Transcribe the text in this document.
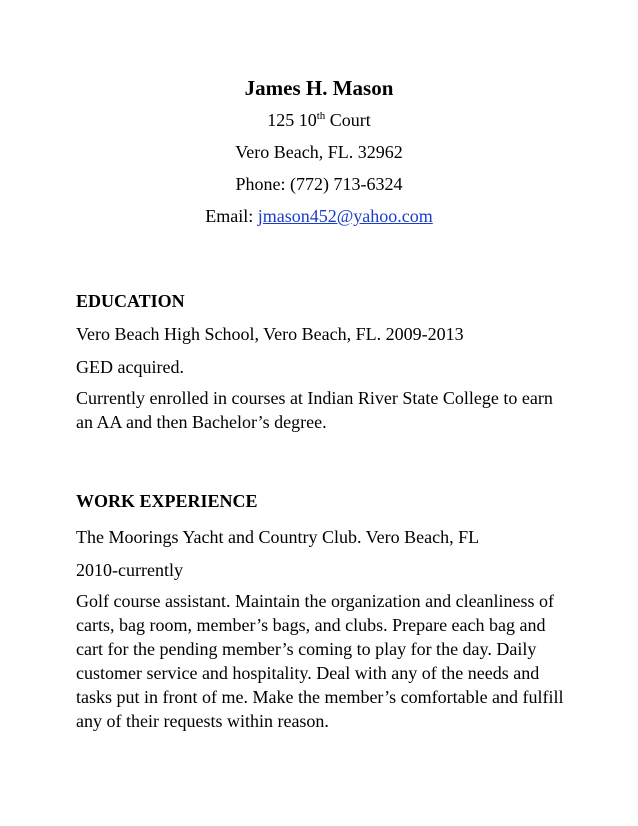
James H. Mason

125 10th Court

Vero Beach, FL. 32962

Phone: (772) 713-6324

Email: jmason452@yahoo.com

EDUCATION

Vero Beach High School, Vero Beach, FL. 2009-2013

GED acquired.

Currently enrolled in courses at Indian River State College to earn an AA and then Bachelor’s degree.

WORK EXPERIENCE

The Moorings Yacht and Country Club. Vero Beach, FL

2010-currently

Golf course assistant. Maintain the organization and cleanliness of carts, bag room, member’s bags, and clubs. Prepare each bag and cart for the pending member’s coming to play for the day. Daily customer service and hospitality. Deal with any of the needs and tasks put in front of me. Make the member’s comfortable and fulfill any of their requests within reason.
